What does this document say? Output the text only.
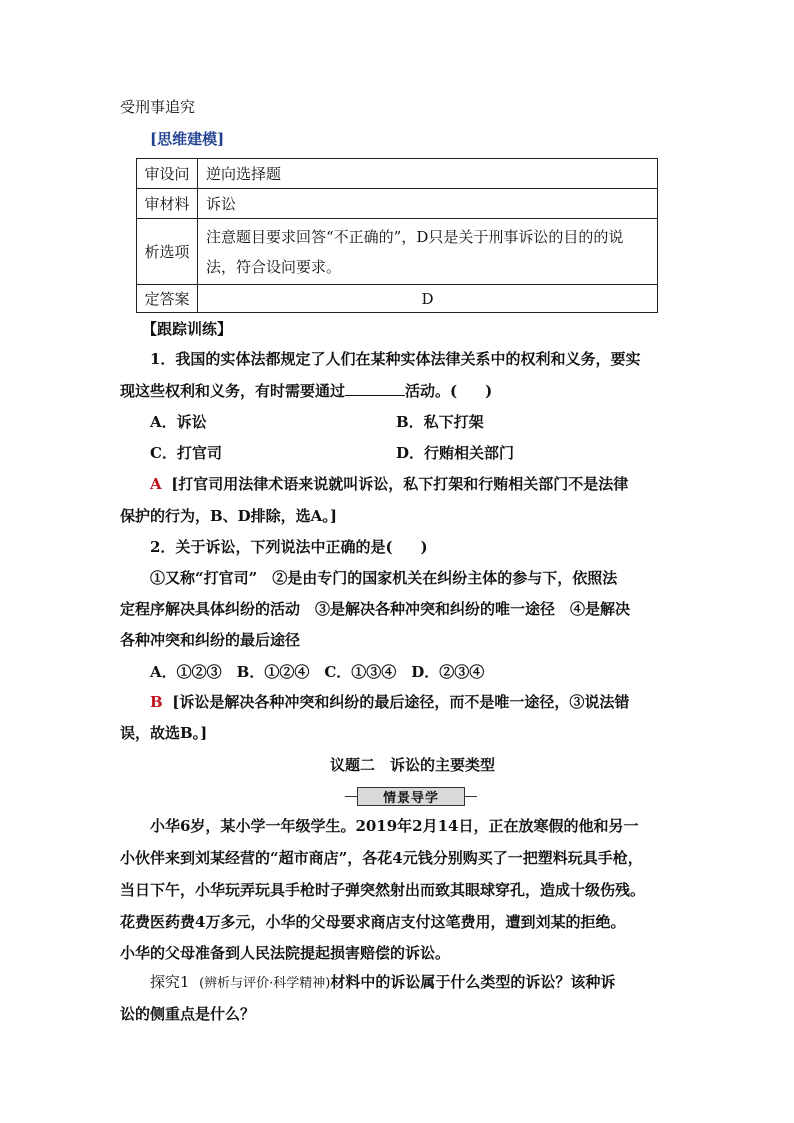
受刑事追究
[思维建模]
审设问	逆向选择题
审材料	诉讼
析选项	注意题目要求回答“不正确的”，D只是关于刑事诉讼的目的的说法，符合设问要求。
定答案	D
【跟踪训练】
1．我国的实体法都规定了人们在某种实体法律关系中的权利和义务，要实
现这些权利和义务，有时需要通过	活动。( )
A．诉讼	B．私下打架
C．打官司	D．行贿相关部门
A [打官司用法律术语来说就叫诉讼，私下打架和行贿相关部门不是法律
保护的行为，B、D排除，选A。]
2．关于诉讼，下列说法中正确的是( )
①又称“打官司”　②是由专门的国家机关在纠纷主体的参与下，依照法
定程序解决具体纠纷的活动　③是解决各种冲突和纠纷的唯一途径　④是解决
各种冲突和纠纷的最后途径
A．①②③　B．①②④　C．①③④　D．②③④
B [诉讼是解决各种冲突和纠纷的最后途径，而不是唯一途径，③说法错
误，故选B。]
议题二　诉讼的主要类型
情景导学
小华6岁，某小学一年级学生。2019年2月14日，正在放寒假的他和另一
小伙伴来到刘某经营的“超市商店”，各花4元钱分别购买了一把塑料玩具手枪，
当日下午，小华玩弄玩具手枪时子弹突然射出而致其眼球穿孔，造成十级伤残。
花费医药费4万多元，小华的父母要求商店支付这笔费用，遭到刘某的拒绝。
小华的父母准备到人民法院提起损害赔偿的诉讼。
探究1 (辨析与评价·科学精神)材料中的诉讼属于什么类型的诉讼？该种诉
讼的侧重点是什么？
